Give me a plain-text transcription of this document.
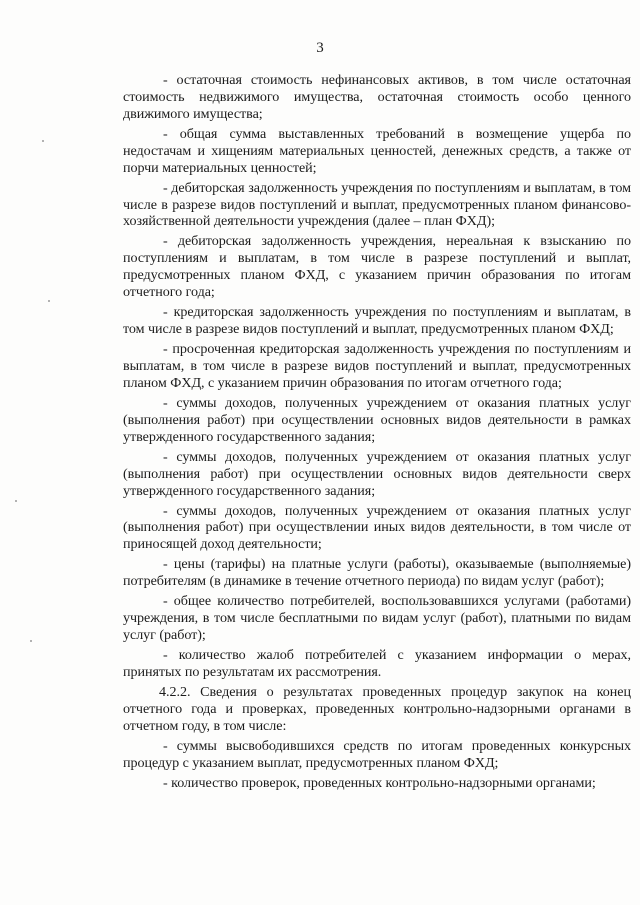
3

- остаточная стоимость нефинансовых активов, в том числе остаточная стоимость недвижимого имущества, остаточная стоимость особо ценного движимого имущества;

- общая сумма выставленных требований в возмещение ущерба по недостачам и хищениям материальных ценностей, денежных средств, а также от порчи материальных ценностей;

- дебиторская задолженность учреждения по поступлениям и выплатам, в том числе в разрезе видов поступлений и выплат, предусмотренных планом финансово-хозяйственной деятельности учреждения (далее – план ФХД);

- дебиторская задолженность учреждения, нереальная к взысканию по поступлениям и выплатам, в том числе в разрезе поступлений и выплат, предусмотренных планом ФХД, с указанием причин образования по итогам отчетного года;

- кредиторская задолженность учреждения по поступлениям и выплатам, в том числе в разрезе видов поступлений и выплат, предусмотренных планом ФХД;

- просроченная кредиторская задолженность учреждения по поступлениям и выплатам, в том числе в разрезе видов поступлений и выплат, предусмотренных планом ФХД, с указанием причин образования по итогам отчетного года;

- суммы доходов, полученных учреждением от оказания платных услуг (выполнения работ) при осуществлении основных видов деятельности в рамках утвержденного государственного задания;

- суммы доходов, полученных учреждением от оказания платных услуг (выполнения работ) при осуществлении основных видов деятельности сверх утвержденного государственного задания;

- суммы доходов, полученных учреждением от оказания платных услуг (выполнения работ) при осуществлении иных видов деятельности, в том числе от приносящей доход деятельности;

- цены (тарифы) на платные услуги (работы), оказываемые (выполняемые) потребителям (в динамике в течение отчетного периода) по видам услуг (работ);

- общее количество потребителей, воспользовавшихся услугами (работами) учреждения, в том числе бесплатными по видам услуг (работ), платными по видам услуг (работ);

- количество жалоб потребителей с указанием информации о мерах, принятых по результатам их рассмотрения.

4.2.2. Сведения о результатах проведенных процедур закупок на конец отчетного года и проверках, проведенных контрольно-надзорными органами в отчетном году, в том числе:

- суммы высвободившихся средств по итогам проведенных конкурсных процедур с указанием выплат, предусмотренных планом ФХД;

- количество проверок, проведенных контрольно-надзорными органами;
